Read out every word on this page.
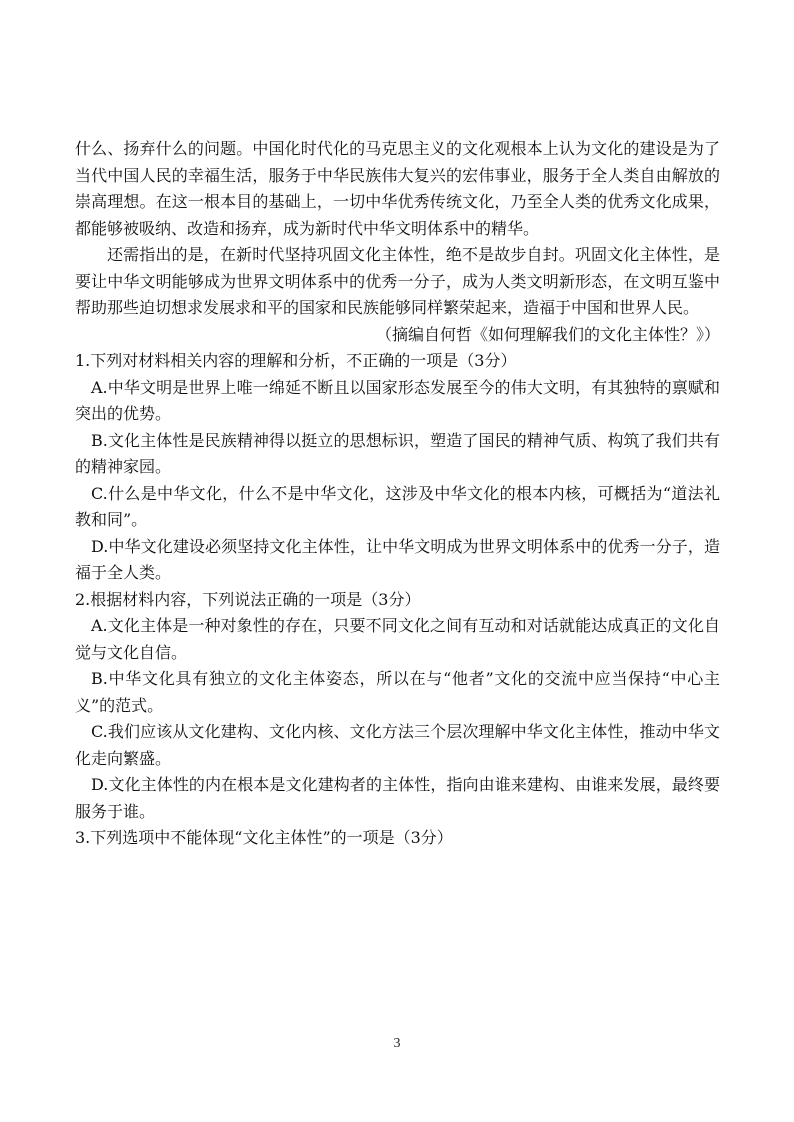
什么、扬弃什么的问题。中国化时代化的马克思主义的文化观根本上认为文化的建设是为了当代中国人民的幸福生活，服务于中华民族伟大复兴的宏伟事业，服务于全人类自由解放的崇高理想。在这一根本目的基础上，一切中华优秀传统文化，乃至全人类的优秀文化成果，都能够被吸纳、改造和扬弃，成为新时代中华文明体系中的精华。

还需指出的是，在新时代坚持巩固文化主体性，绝不是故步自封。巩固文化主体性，是要让中华文明能够成为世界文明体系中的优秀一分子，成为人类文明新形态，在文明互鉴中帮助那些迫切想求发展求和平的国家和民族能够同样繁荣起来，造福于中国和世界人民。

（摘编自何哲《如何理解我们的文化主体性？》）

1.下列对材料相关内容的理解和分析，不正确的一项是（3分）

A.中华文明是世界上唯一绵延不断且以国家形态发展至今的伟大文明，有其独特的禀赋和突出的优势。

B.文化主体性是民族精神得以挺立的思想标识，塑造了国民的精神气质、构筑了我们共有的精神家园。

C.什么是中华文化，什么不是中华文化，这涉及中华文化的根本内核，可概括为“道法礼教和同”。

D.中华文化建设必须坚持文化主体性，让中华文明成为世界文明体系中的优秀一分子，造福于全人类。

2.根据材料内容，下列说法正确的一项是（3分）

A.文化主体是一种对象性的存在，只要不同文化之间有互动和对话就能达成真正的文化自觉与文化自信。

B.中华文化具有独立的文化主体姿态，所以在与“他者”文化的交流中应当保持“中心主义”的范式。

C.我们应该从文化建构、文化内核、文化方法三个层次理解中华文化主体性，推动中华文化走向繁盛。

D.文化主体性的内在根本是文化建构者的主体性，指向由谁来建构、由谁来发展，最终要服务于谁。

3.下列选项中不能体现“文化主体性”的一项是（3分）

3
